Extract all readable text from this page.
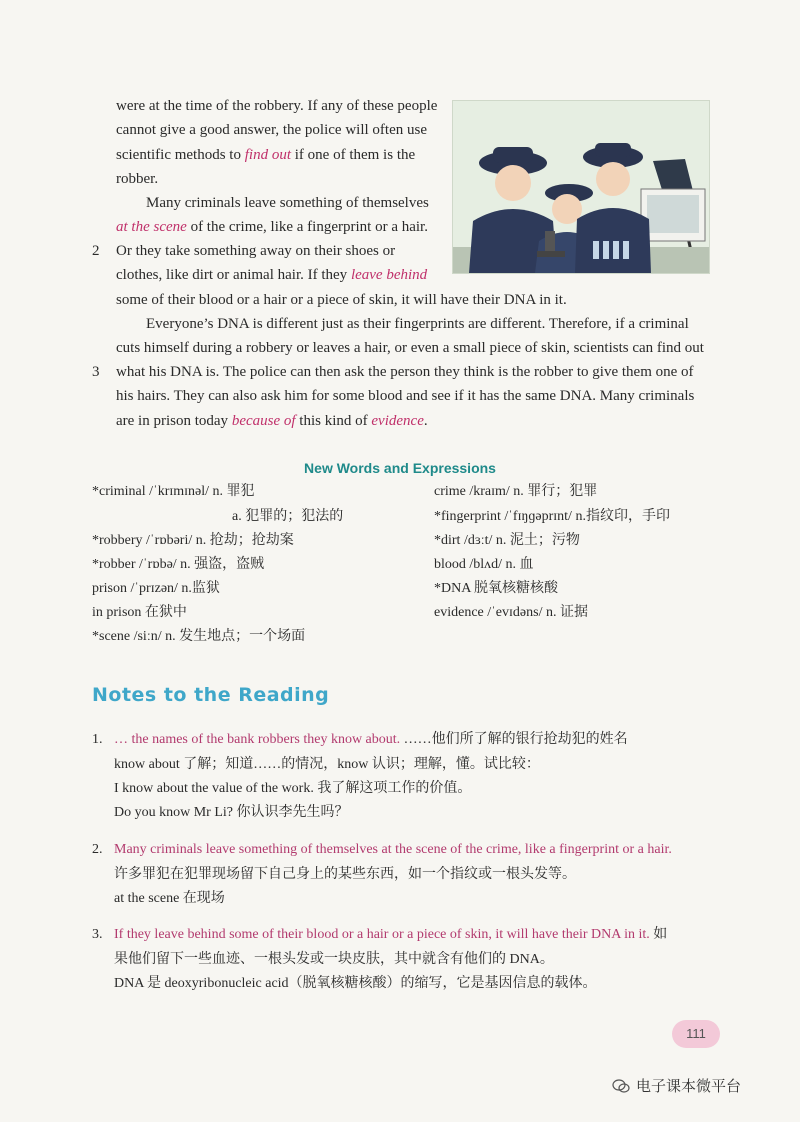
were at the time of the robbery. If any of these people
cannot give a good answer, the police will often use
scientific methods to find out if one of them is the
robber.
Many criminals leave something of themselves
at the scene of the crime, like a fingerprint or a hair.
Or they take something away on their shoes or
clothes, like dirt or animal hair. If they leave behind
some of their blood or a hair or a piece of skin, it will have their DNA in it.
Everyone’s DNA is different just as their fingerprints are different. Therefore, if a criminal
cuts himself during a robbery or leaves a hair, or even a small piece of skin, scientists can find out
what his DNA is. The police can then ask the person they think is the robber to give them one of
his hairs. They can also ask him for some blood and see if it has the same DNA. Many criminals
are in prison today because of this kind of evidence.
2
3
New Words and Expressions
*criminal /ˈkrɪmɪnəl/ n. 罪犯
a. 犯罪的；犯法的
*robbery /ˈrɒbəri/ n. 抢劫；抢劫案
*robber /ˈrɒbə/ n. 强盗，盗贼
prison /ˈprɪzən/ n.监狱
in prison 在狱中
*scene /siːn/ n. 发生地点；一个场面
crime /kraɪm/ n. 罪行；犯罪
*fingerprint /ˈfɪŋɡəprɪnt/ n.指纹印，手印
*dirt /dɜːt/ n. 泥土；污物
blood /blʌd/ n. 血
*DNA 脱氧核糖核酸
evidence /ˈevɪdəns/ n. 证据
Notes to the Reading
1. … the names of the bank robbers they know about. ……他们所了解的银行抢劫犯的姓名
know about 了解；知道……的情况，know 认识；理解，懂。试比较：
I know about the value of the work. 我了解这项工作的价值。
Do you know Mr Li? 你认识李先生吗？
2. Many criminals leave something of themselves at the scene of the crime, like a fingerprint or a hair.
许多罪犯在犯罪现场留下自己身上的某些东西，如一个指纹或一根头发等。
at the scene 在现场
3. If they leave behind some of their blood or a hair or a piece of skin, it will have their DNA in it. 如
果他们留下一些血迹、一根头发或一块皮肤，其中就含有他们的 DNA。
DNA 是 deoxyribonucleic acid（脱氧核糖核酸）的缩写，它是基因信息的载体。
111
电子课本微平台
